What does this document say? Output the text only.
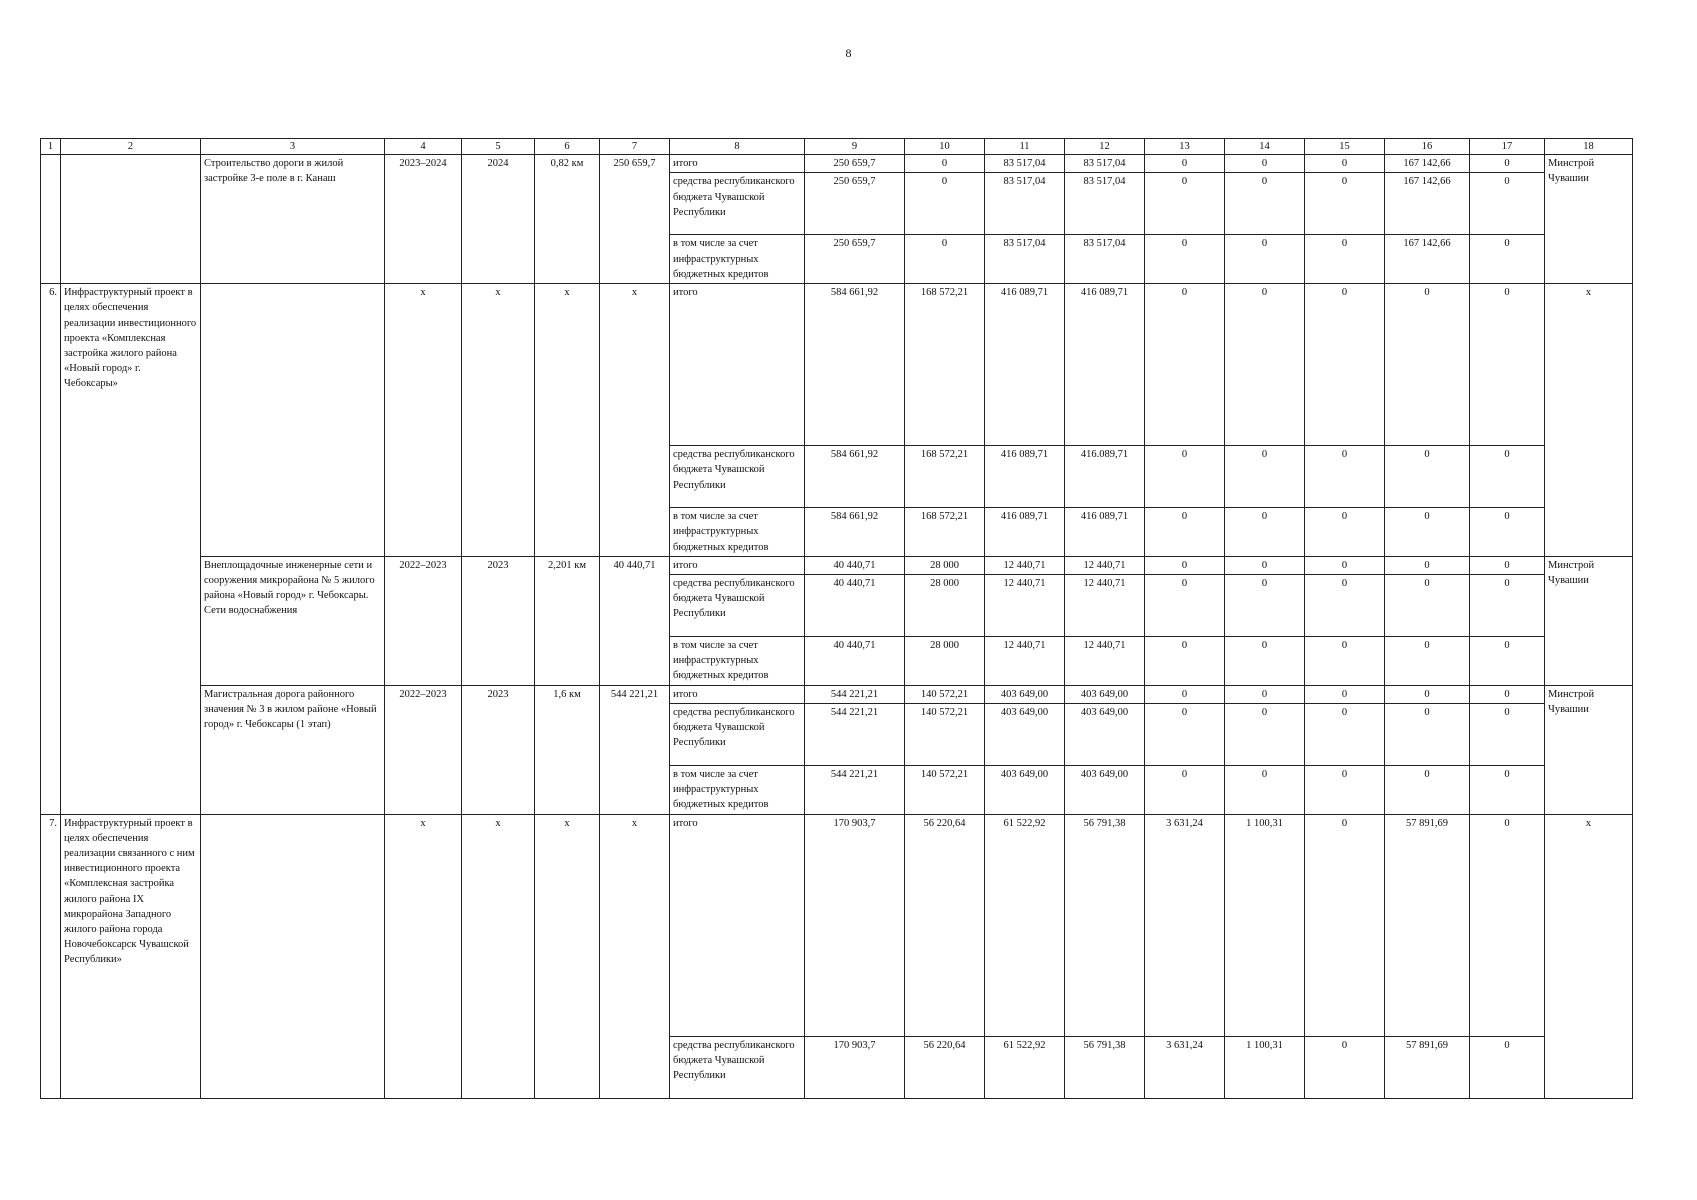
8
1	2	3	4	5	6	7	8	9	10	11	12	13	14	15	16	17	18
		Строительство дороги в жилой застройке 3-е поле в г. Канаш	2023–2024	2024	0,82 км	250 659,7	итого	250 659,7	0	83 517,04	83 517,04	0	0	0	167 142,66	0	Минстрой Чувашии
							средства республиканского бюджета Чувашской Республики	250 659,7	0	83 517,04	83 517,04	0	0	0	167 142,66	0	
							в том числе за счет инфраструктурных бюджетных кредитов	250 659,7	0	83 517,04	83 517,04	0	0	0	167 142,66	0	
6.	Инфраструктурный проект в целях обеспечения реализации инвестиционного проекта «Комплексная застройка жилого района «Новый город» г. Чебоксары»		x	x	x	x	итого	584 661,92	168 572,21	416 089,71	416 089,71	0	0	0	0	0	x
							средства республиканского бюджета Чувашской Республики	584 661,92	168 572,21	416 089,71	416.089,71	0	0	0	0	0	
							в том числе за счет инфраструктурных бюджетных кредитов	584 661,92	168 572,21	416 089,71	416 089,71	0	0	0	0	0	
		Внеплощадочные инженерные сети и сооружения микрорайона № 5 жилого района «Новый город» г. Чебоксары. Сети водоснабжения	2022–2023	2023	2,201 км	40 440,71	итого	40 440,71	28 000	12 440,71	12 440,71	0	0	0	0	0	Минстрой Чувашии
							средства республиканского бюджета Чувашской Республики	40 440,71	28 000	12 440,71	12 440,71	0	0	0	0	0	
							в том числе за счет инфраструктурных бюджетных кредитов	40 440,71	28 000	12 440,71	12 440,71	0	0	0	0	0	
		Магистральная дорога районного значения № 3 в жилом районе «Новый город» г. Чебоксары (1 этап)	2022–2023	2023	1,6 км	544 221,21	итого	544 221,21	140 572,21	403 649,00	403 649,00	0	0	0	0	0	Минстрой Чувашии
							средства республиканского бюджета Чувашской Республики	544 221,21	140 572,21	403 649,00	403 649,00	0	0	0	0	0	
							в том числе за счет инфраструктурных бюджетных кредитов	544 221,21	140 572,21	403 649,00	403 649,00	0	0	0	0	0	
7.	Инфраструктурный проект в целях обеспечения реализации связанного с ним инвестиционного проекта «Комплексная застройка жилого района IX микрорайона Западного жилого района города Новочебоксарск Чувашской Республики»		x	x	x	x	итого	170 903,7	56 220,64	61 522,92	56 791,38	3 631,24	1 100,31	0	57 891,69	0	x
							средства республиканского бюджета Чувашской Республики	170 903,7	56 220,64	61 522,92	56 791,38	3 631,24	1 100,31	0	57 891,69	0	
